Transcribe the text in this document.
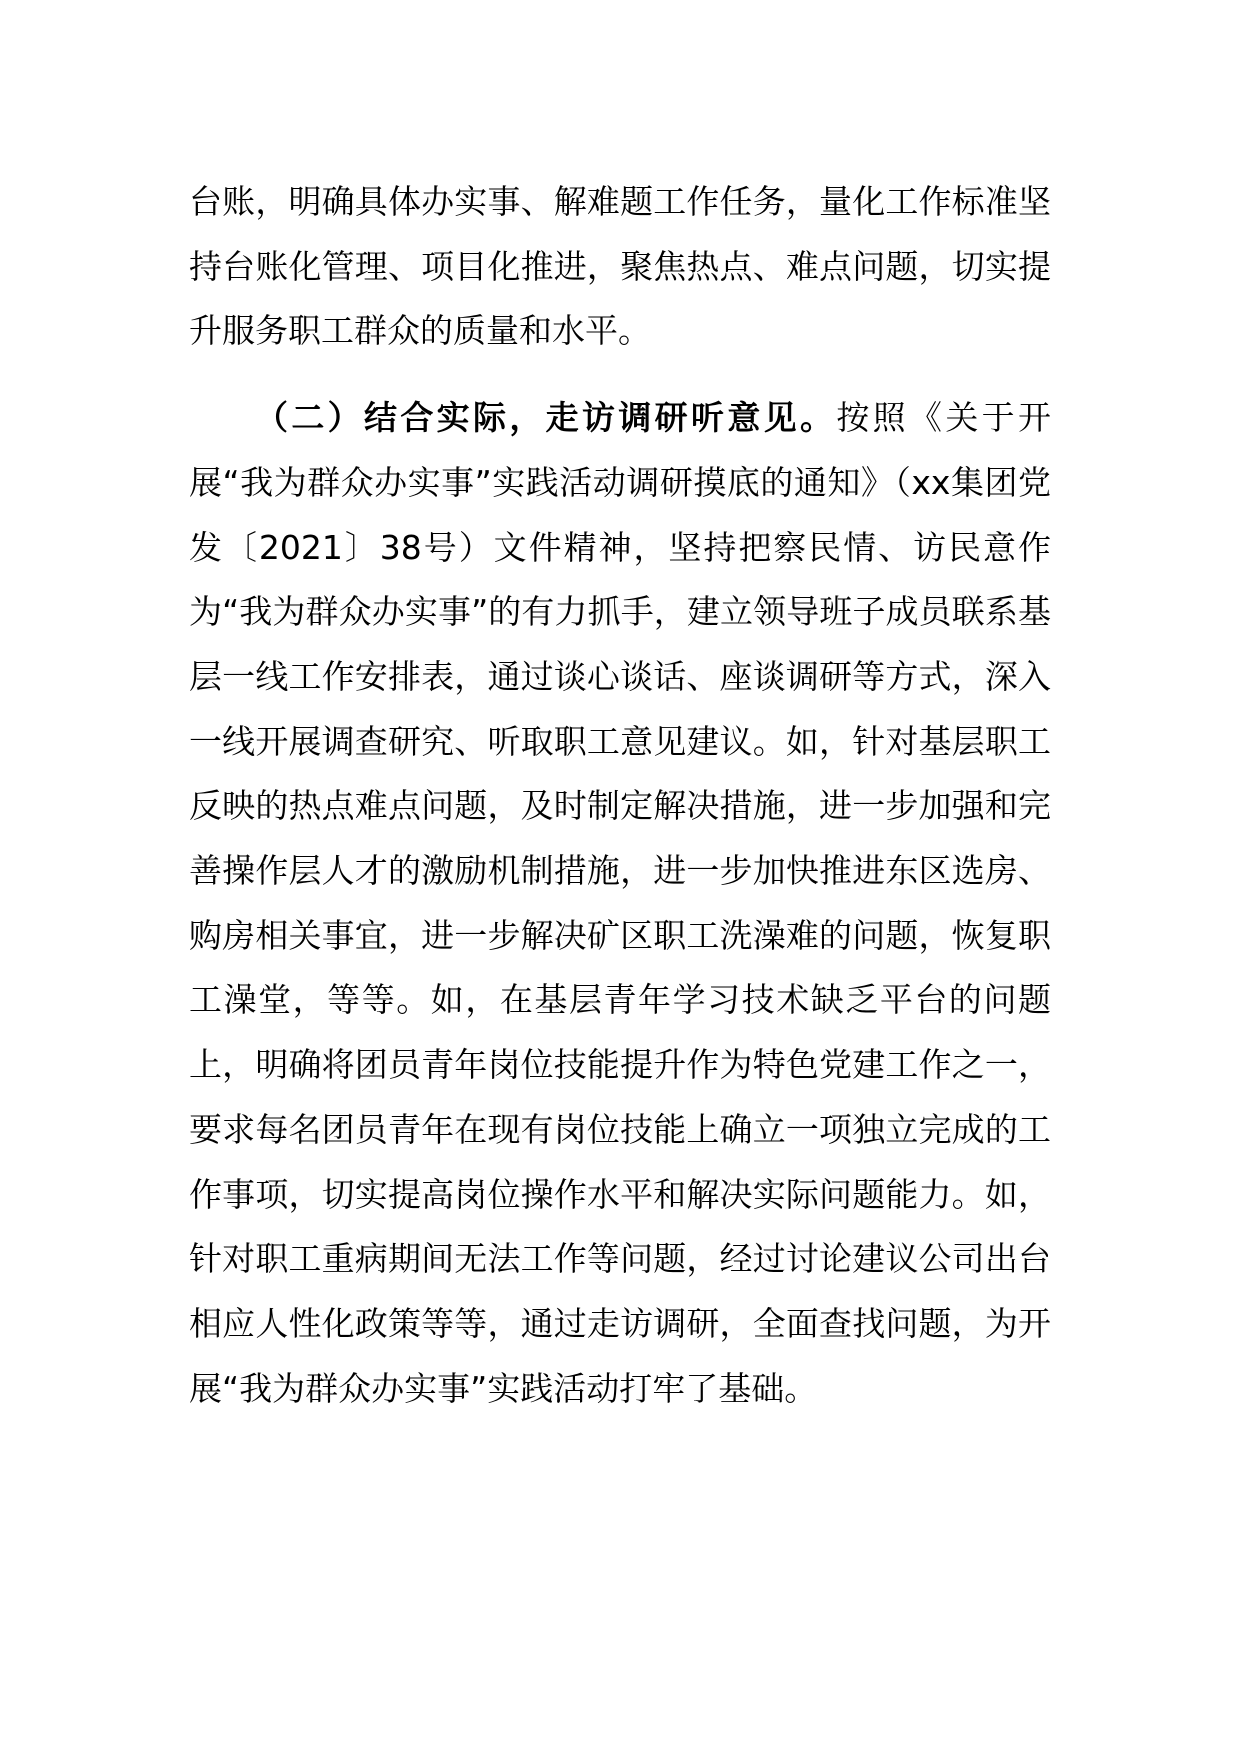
台账，明确具体办实事、解难题工作任务，量化工作标准坚持台账化管理、项目化推进，聚焦热点、难点问题，切实提升服务职工群众的质量和水平。

（二）结合实际，走访调研听意见。按照《关于开展“我为群众办实事”实践活动调研摸底的通知》（xx集团党发〔2021〕38号）文件精神，坚持把察民情、访民意作为“我为群众办实事”的有力抓手，建立领导班子成员联系基层一线工作安排表，通过谈心谈话、座谈调研等方式，深入一线开展调查研究、听取职工意见建议。如，针对基层职工反映的热点难点问题，及时制定解决措施，进一步加强和完善操作层人才的激励机制措施，进一步加快推进东区选房、购房相关事宜，进一步解决矿区职工洗澡难的问题，恢复职工澡堂，等等。如，在基层青年学习技术缺乏平台的问题上，明确将团员青年岗位技能提升作为特色党建工作之一，要求每名团员青年在现有岗位技能上确立一项独立完成的工作事项，切实提高岗位操作水平和解决实际问题能力。如，针对职工重病期间无法工作等问题，经过讨论建议公司出台相应人性化政策等等，通过走访调研，全面查找问题，为开展“我为群众办实事”实践活动打牢了基础。
